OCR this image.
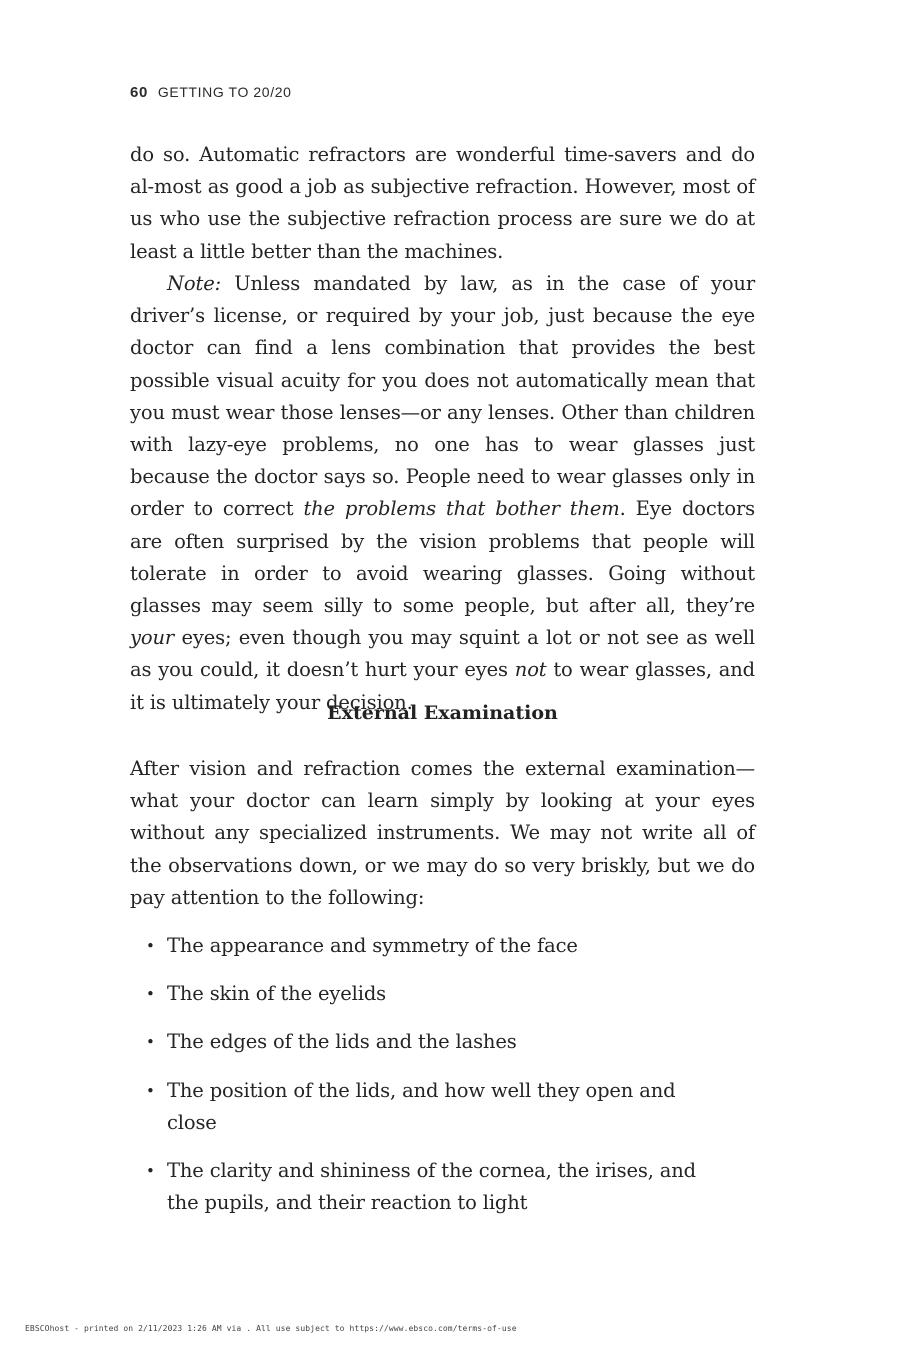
60 GETTING TO 20/20

do so. Automatic refractors are wonderful time-savers and do al-most as good a job as subjective refraction. However, most of us who use the subjective refraction process are sure we do at least a little better than the machines.

Note: Unless mandated by law, as in the case of your driver’s license, or required by your job, just because the eye doctor can find a lens combination that provides the best possible visual acuity for you does not automatically mean that you must wear those lenses—or any lenses. Other than children with lazy-eye problems, no one has to wear glasses just because the doctor says so. People need to wear glasses only in order to correct the problems that bother them. Eye doctors are often surprised by the vision problems that people will tolerate in order to avoid wearing glasses. Going without glasses may seem silly to some people, but after all, they’re your eyes; even though you may squint a lot or not see as well as you could, it doesn’t hurt your eyes not to wear glasses, and it is ultimately your decision.

External Examination

After vision and refraction comes the external examination—what your doctor can learn simply by looking at your eyes without any specialized instruments. We may not write all of the observations down, or we may do so very briskly, but we do pay attention to the following:

• The appearance and symmetry of the face
• The skin of the eyelids
• The edges of the lids and the lashes
• The position of the lids, and how well they open and close
• The clarity and shininess of the cornea, the irises, and the pupils, and their reaction to light
EBSCOhost - printed on 2/11/2023 1:26 AM via . All use subject to https://www.ebsco.com/terms-of-use
